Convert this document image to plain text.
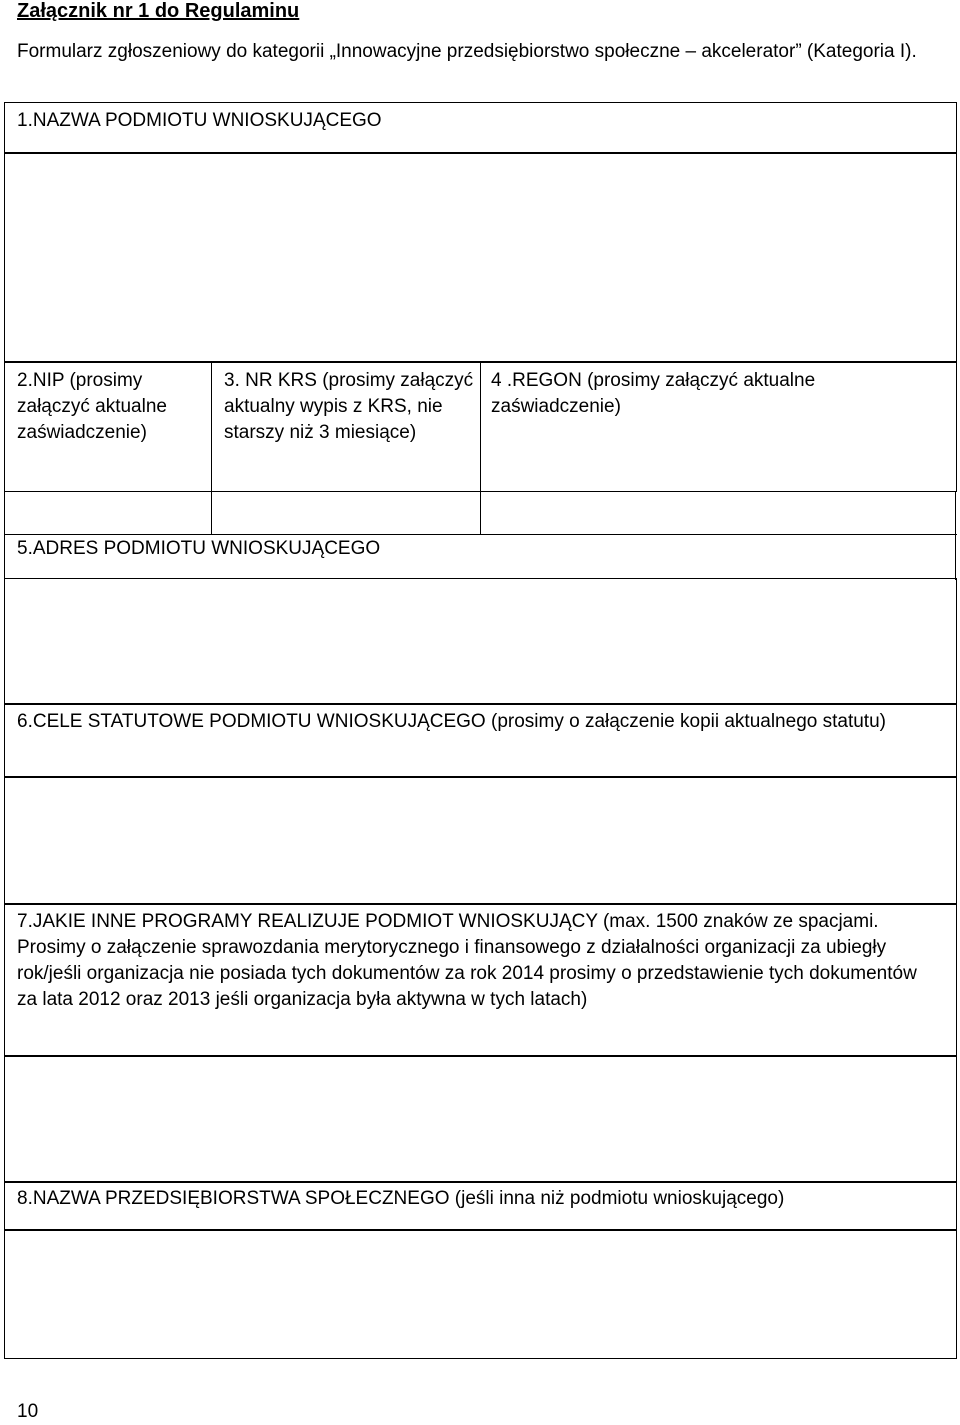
Załącznik nr 1 do Regulaminu
Formularz zgłoszeniowy do kategorii „Innowacyjne przedsiębiorstwo społeczne – akcelerator” (Kategoria I).
1.NAZWA PODMIOTU WNIOSKUJĄCEGO
2.NIP (prosimy załączyć aktualne zaświadczenie)
3. NR KRS (prosimy załączyć aktualny wypis z KRS, nie starszy niż 3 miesiące)
4 .REGON (prosimy załączyć aktualne zaświadczenie)
5.ADRES PODMIOTU WNIOSKUJĄCEGO
6.CELE STATUTOWE PODMIOTU WNIOSKUJĄCEGO (prosimy o załączenie kopii aktualnego statutu)
7.JAKIE INNE PROGRAMY REALIZUJE PODMIOT WNIOSKUJĄCY (max. 1500 znaków ze spacjami. Prosimy o załączenie sprawozdania merytorycznego i finansowego z działalności organizacji za ubiegły rok/jeśli organizacja nie posiada tych dokumentów za rok 2014 prosimy o przedstawienie tych dokumentów za lata 2012 oraz 2013 jeśli organizacja była aktywna w tych latach)
8.NAZWA PRZEDSIĘBIORSTWA SPOŁECZNEGO (jeśli inna niż podmiotu wnioskującego)
10
